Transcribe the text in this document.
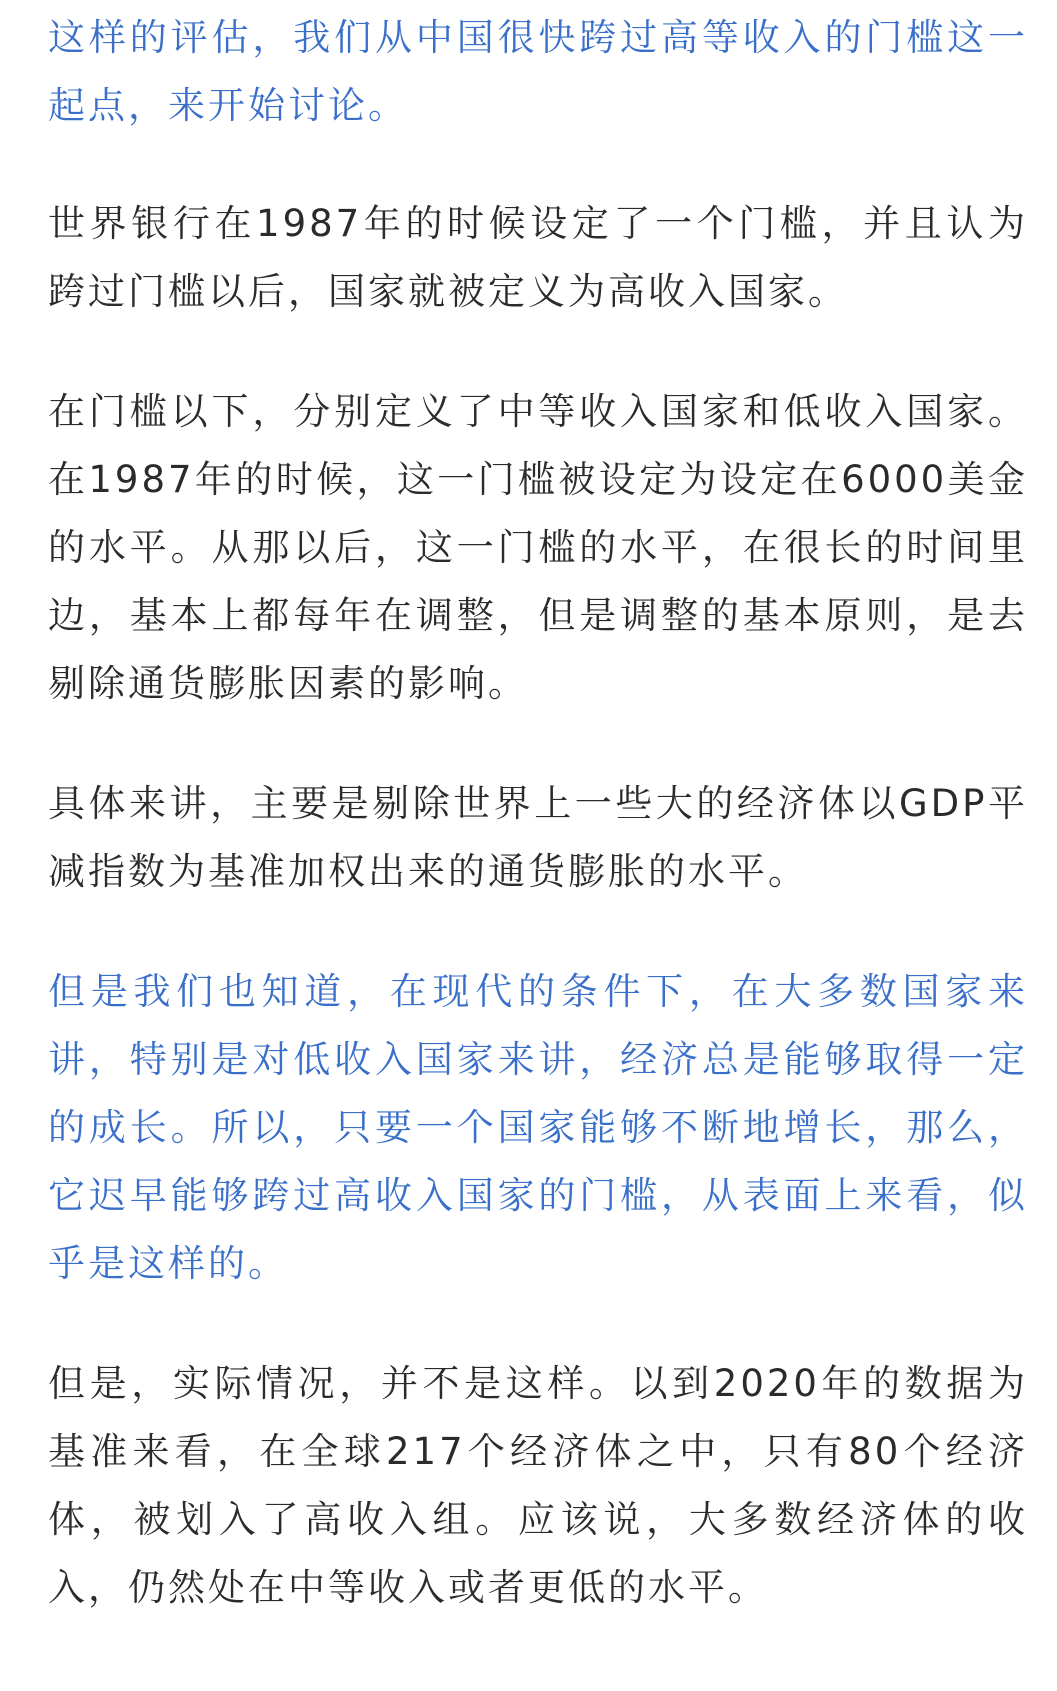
这样的评估，我们从中国很快跨过高等收入的门槛这一起点，来开始讨论。

世界银行在1987年的时候设定了一个门槛，并且认为跨过门槛以后，国家就被定义为高收入国家。

在门槛以下，分别定义了中等收入国家和低收入国家。在1987年的时候，这一门槛被设定为设定在6000美金的水平。从那以后，这一门槛的水平，在很长的时间里边，基本上都每年在调整，但是调整的基本原则，是去剔除通货膨胀因素的影响。

具体来讲，主要是剔除世界上一些大的经济体以GDP平减指数为基准加权出来的通货膨胀的水平。

但是我们也知道，在现代的条件下，在大多数国家来讲，特别是对低收入国家来讲，经济总是能够取得一定的成长。所以，只要一个国家能够不断地增长，那么，它迟早能够跨过高收入国家的门槛，从表面上来看，似乎是这样的。

但是，实际情况，并不是这样。以到2020年的数据为基准来看，在全球217个经济体之中，只有80个经济体，被划入了高收入组。应该说，大多数经济体的收入，仍然处在中等收入或者更低的水平。
